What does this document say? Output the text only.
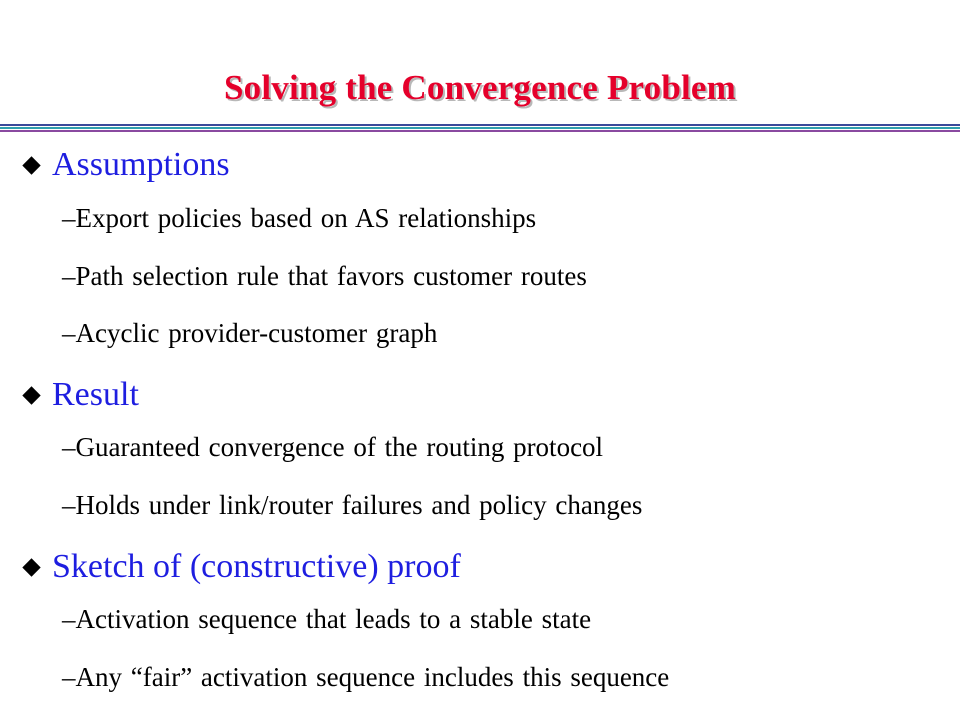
Solving the Convergence Problem
Assumptions
–Export policies based on AS relationships
–Path selection rule that favors customer routes
–Acyclic provider-customer graph
Result
–Guaranteed convergence of the routing protocol
–Holds under link/router failures and policy changes
Sketch of (constructive) proof
–Activation sequence that leads to a stable state
–Any “fair” activation sequence includes this sequence
